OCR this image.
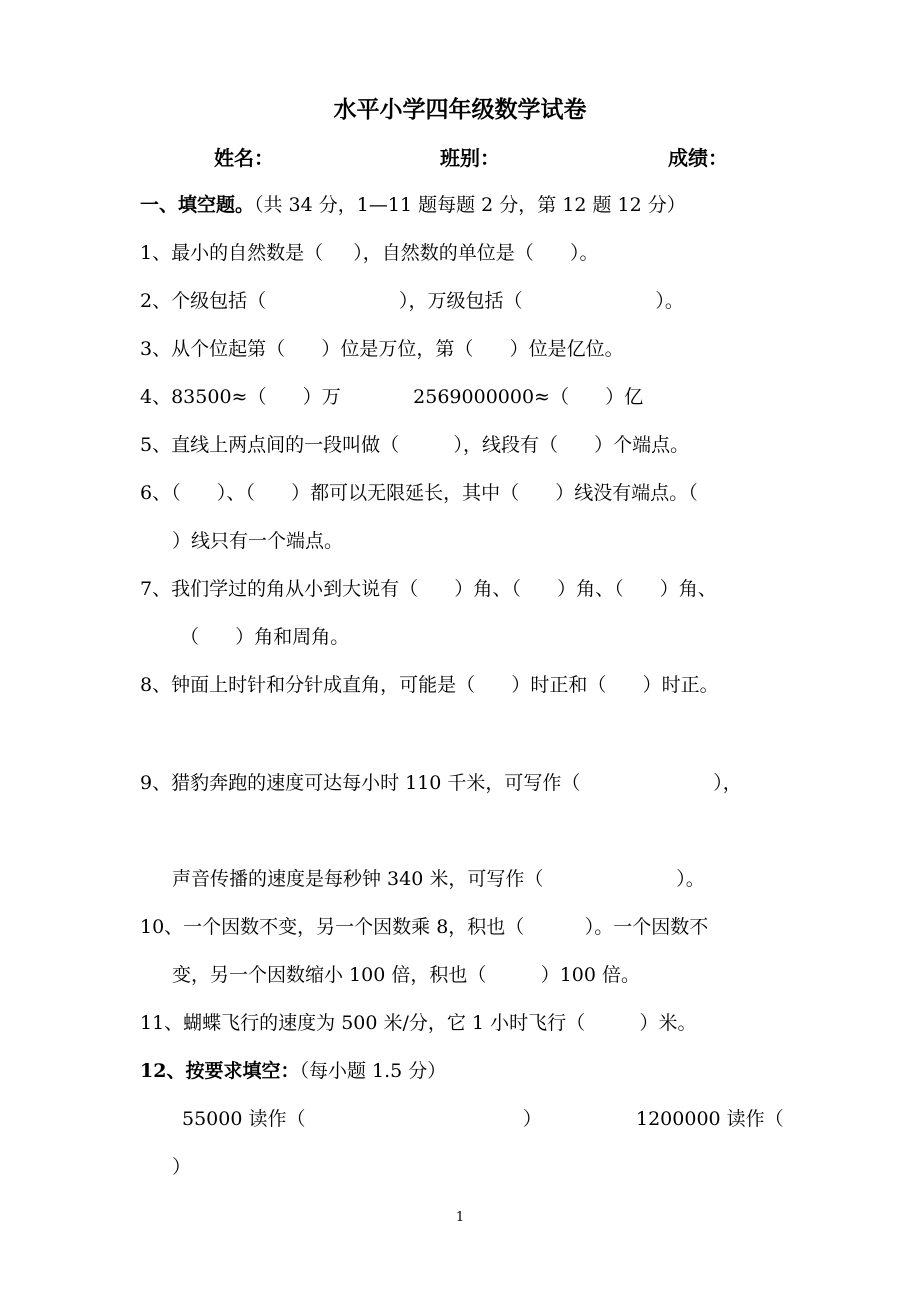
水平小学四年级数学试卷
姓名：	班别：	成绩：
一、填空题。（共 34 分，1—11 题每题 2 分，第 12 题 12 分）
1、最小的自然数是（     ），自然数的单位是（      ）。
2、个级包括（                      ），万级包括（                      ）。
3、从个位起第（      ）位是万位，第（      ）位是亿位。
4、83500≈（      ）万            2569000000≈（      ）亿
5、直线上两点间的一段叫做（         ），线段有（      ）个端点。
6、（      ）、（      ）都可以无限延长，其中（      ）线没有端点。（
）线只有一个端点。
7、我们学过的角从小到大说有（      ）角、（      ）角、（      ）角、
（      ）角和周角。
8、钟面上时针和分针成直角，可能是（      ）时正和（      ）时正。
9、猎豹奔跑的速度可达每小时 110 千米，可写作（                      ），
声音传播的速度是每秒钟 340 米，可写作（                      ）。
10、一个因数不变，另一个因数乘 8，积也（          ）。一个因数不
变，另一个因数缩小 100 倍，积也（         ）100 倍。
11、蝴蝶飞行的速度为 500 米/分，它 1 小时飞行（         ）米。
12、按要求填空：（每小题 1.5 分）
55000 读作（                                    ）	1200000 读作（
）
1
